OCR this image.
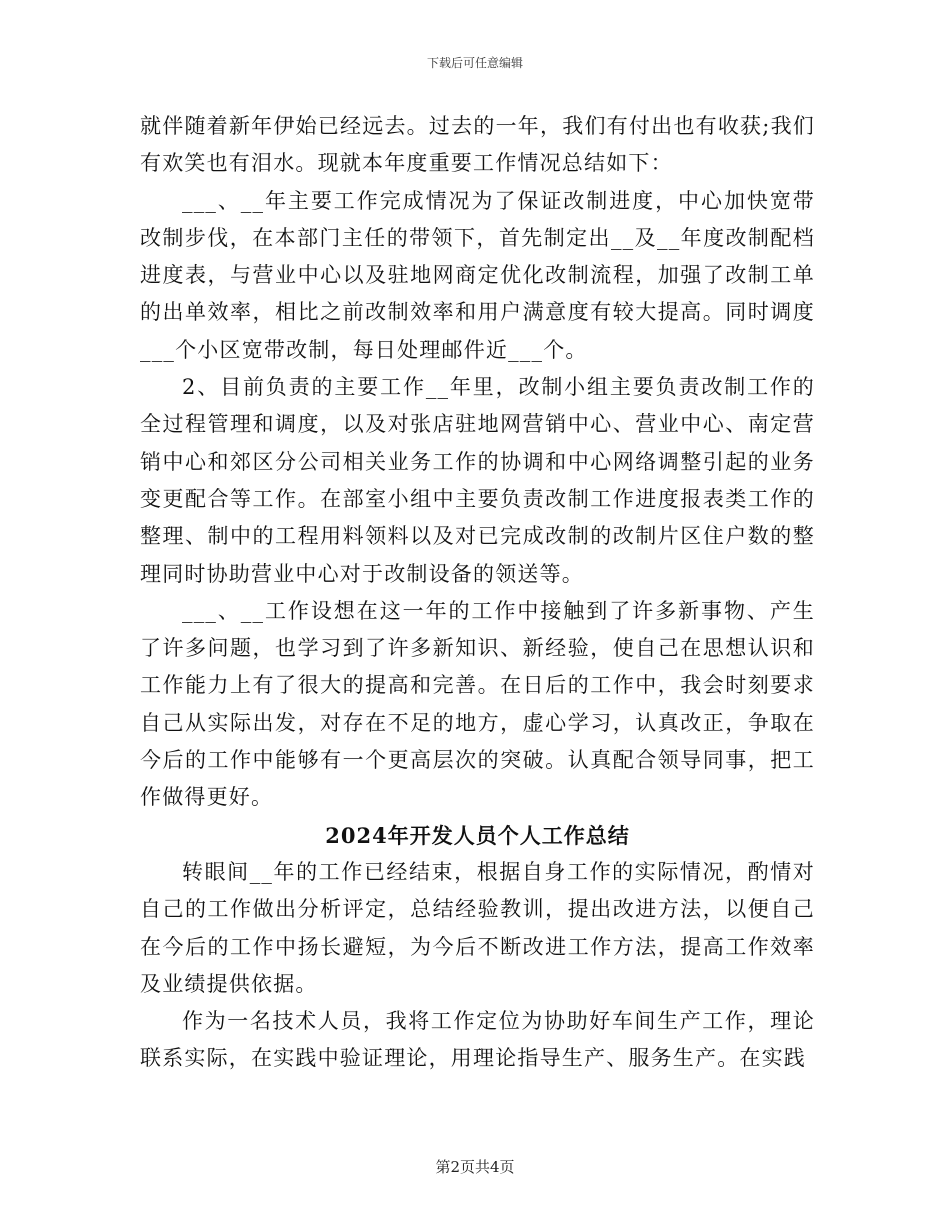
下载后可任意编辑

就伴随着新年伊始已经远去。过去的一年，我们有付出也有收获;我们有欢笑也有泪水。现就本年度重要工作情况总结如下：

___、__年主要工作完成情况为了保证改制进度，中心加快宽带改制步伐，在本部门主任的带领下，首先制定出__及__年度改制配档进度表，与营业中心以及驻地网商定优化改制流程，加强了改制工单的出单效率，相比之前改制效率和用户满意度有较大提高。同时调度___个小区宽带改制，每日处理邮件近___个。

2、目前负责的主要工作__年里，改制小组主要负责改制工作的全过程管理和调度，以及对张店驻地网营销中心、营业中心、南定营销中心和郊区分公司相关业务工作的协调和中心网络调整引起的业务变更配合等工作。在部室小组中主要负责改制工作进度报表类工作的整理、制中的工程用料领料以及对已完成改制的改制片区住户数的整理同时协助营业中心对于改制设备的领送等。

___、__工作设想在这一年的工作中接触到了许多新事物、产生了许多问题，也学习到了许多新知识、新经验，使自己在思想认识和工作能力上有了很大的提高和完善。在日后的工作中，我会时刻要求自己从实际出发，对存在不足的地方，虚心学习，认真改正，争取在今后的工作中能够有一个更高层次的突破。认真配合领导同事，把工作做得更好。

2024年开发人员个人工作总结

转眼间__年的工作已经结束，根据自身工作的实际情况，酌情对自己的工作做出分析评定，总结经验教训，提出改进方法，以便自己在今后的工作中扬长避短，为今后不断改进工作方法，提高工作效率及业绩提供依据。

作为一名技术人员，我将工作定位为协助好车间生产工作，理论联系实际，在实践中验证理论，用理论指导生产、服务生产。在实践

第2页共4页
